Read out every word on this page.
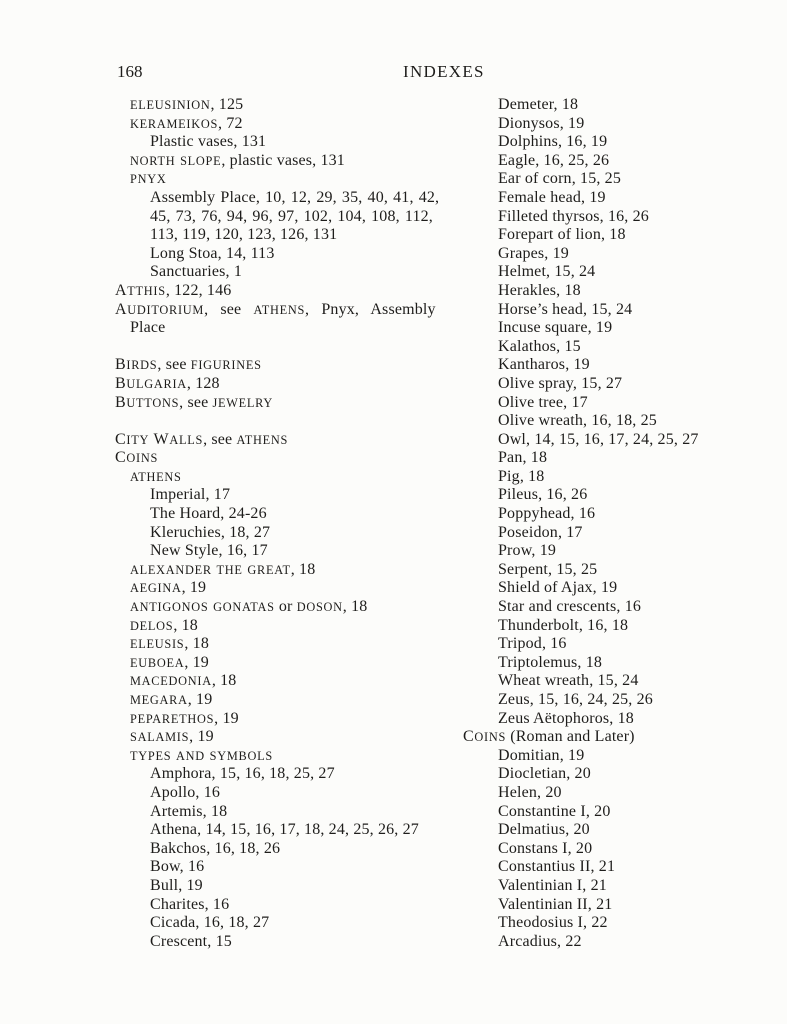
168	INDEXES
ELEUSINION, 125
KERAMEIKOS, 72
Plastic vases, 131
NORTH SLOPE, plastic vases, 131
PNYX
Assembly Place, 10, 12, 29, 35, 40, 41, 42,
45, 73, 76, 94, 96, 97, 102, 104, 108, 112,
113, 119, 120, 123, 126, 131
Long Stoa, 14, 113
Sanctuaries, 1
ATTHIS, 122, 146
AUDITORIUM, see ATHENS, Pnyx, Assembly
Place
BIRDS, see FIGURINES
BULGARIA, 128
BUTTONS, see JEWELRY
CITY WALLS, see ATHENS
COINS
ATHENS
Imperial, 17
The Hoard, 24-26
Kleruchies, 18, 27
New Style, 16, 17
ALEXANDER THE GREAT, 18
AEGINA, 19
ANTIGONOS GONATAS or DOSON, 18
DELOS, 18
ELEUSIS, 18
EUBOEA, 19
MACEDONIA, 18
MEGARA, 19
PEPARETHOS, 19
SALAMIS, 19
TYPES AND SYMBOLS
Amphora, 15, 16, 18, 25, 27
Apollo, 16
Artemis, 18
Athena, 14, 15, 16, 17, 18, 24, 25, 26, 27
Bakchos, 16, 18, 26
Bow, 16
Bull, 19
Charites, 16
Cicada, 16, 18, 27
Crescent, 15
Demeter, 18
Dionysos, 19
Dolphins, 16, 19
Eagle, 16, 25, 26
Ear of corn, 15, 25
Female head, 19
Filleted thyrsos, 16, 26
Forepart of lion, 18
Grapes, 19
Helmet, 15, 24
Herakles, 18
Horse’s head, 15, 24
Incuse square, 19
Kalathos, 15
Kantharos, 19
Olive spray, 15, 27
Olive tree, 17
Olive wreath, 16, 18, 25
Owl, 14, 15, 16, 17, 24, 25, 27
Pan, 18
Pig, 18
Pileus, 16, 26
Poppyhead, 16
Poseidon, 17
Prow, 19
Serpent, 15, 25
Shield of Ajax, 19
Star and crescents, 16
Thunderbolt, 16, 18
Tripod, 16
Triptolemus, 18
Wheat wreath, 15, 24
Zeus, 15, 16, 24, 25, 26
Zeus Aëtophoros, 18
COINS (Roman and Later)
Domitian, 19
Diocletian, 20
Helen, 20
Constantine I, 20
Delmatius, 20
Constans I, 20
Constantius II, 21
Valentinian I, 21
Valentinian II, 21
Theodosius I, 22
Arcadius, 22
